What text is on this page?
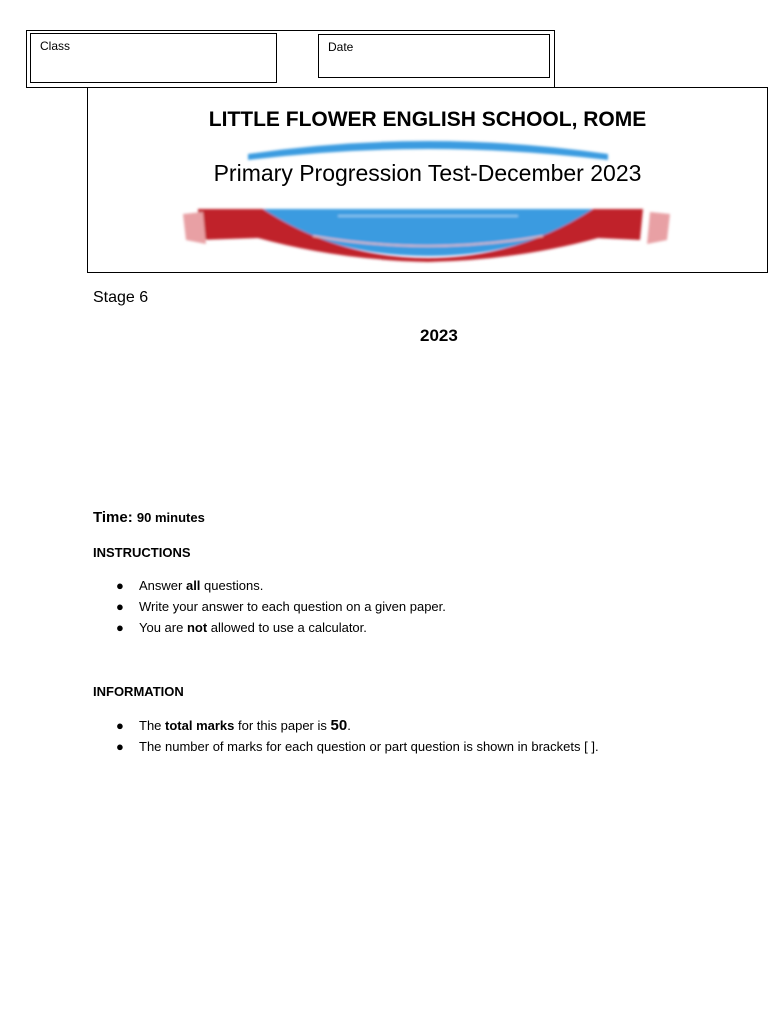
Class	Date
LITTLE FLOWER ENGLISH SCHOOL, ROME
Primary Progression Test-December 2023
Stage 6
2023
Time: 90 minutes
INSTRUCTIONS
● Answer all questions.
● Write your answer to each question on a given paper.
● You are not allowed to use a calculator.
INFORMATION
● The total marks for this paper is 50.
● The number of marks for each question or part question is shown in brackets [ ].
